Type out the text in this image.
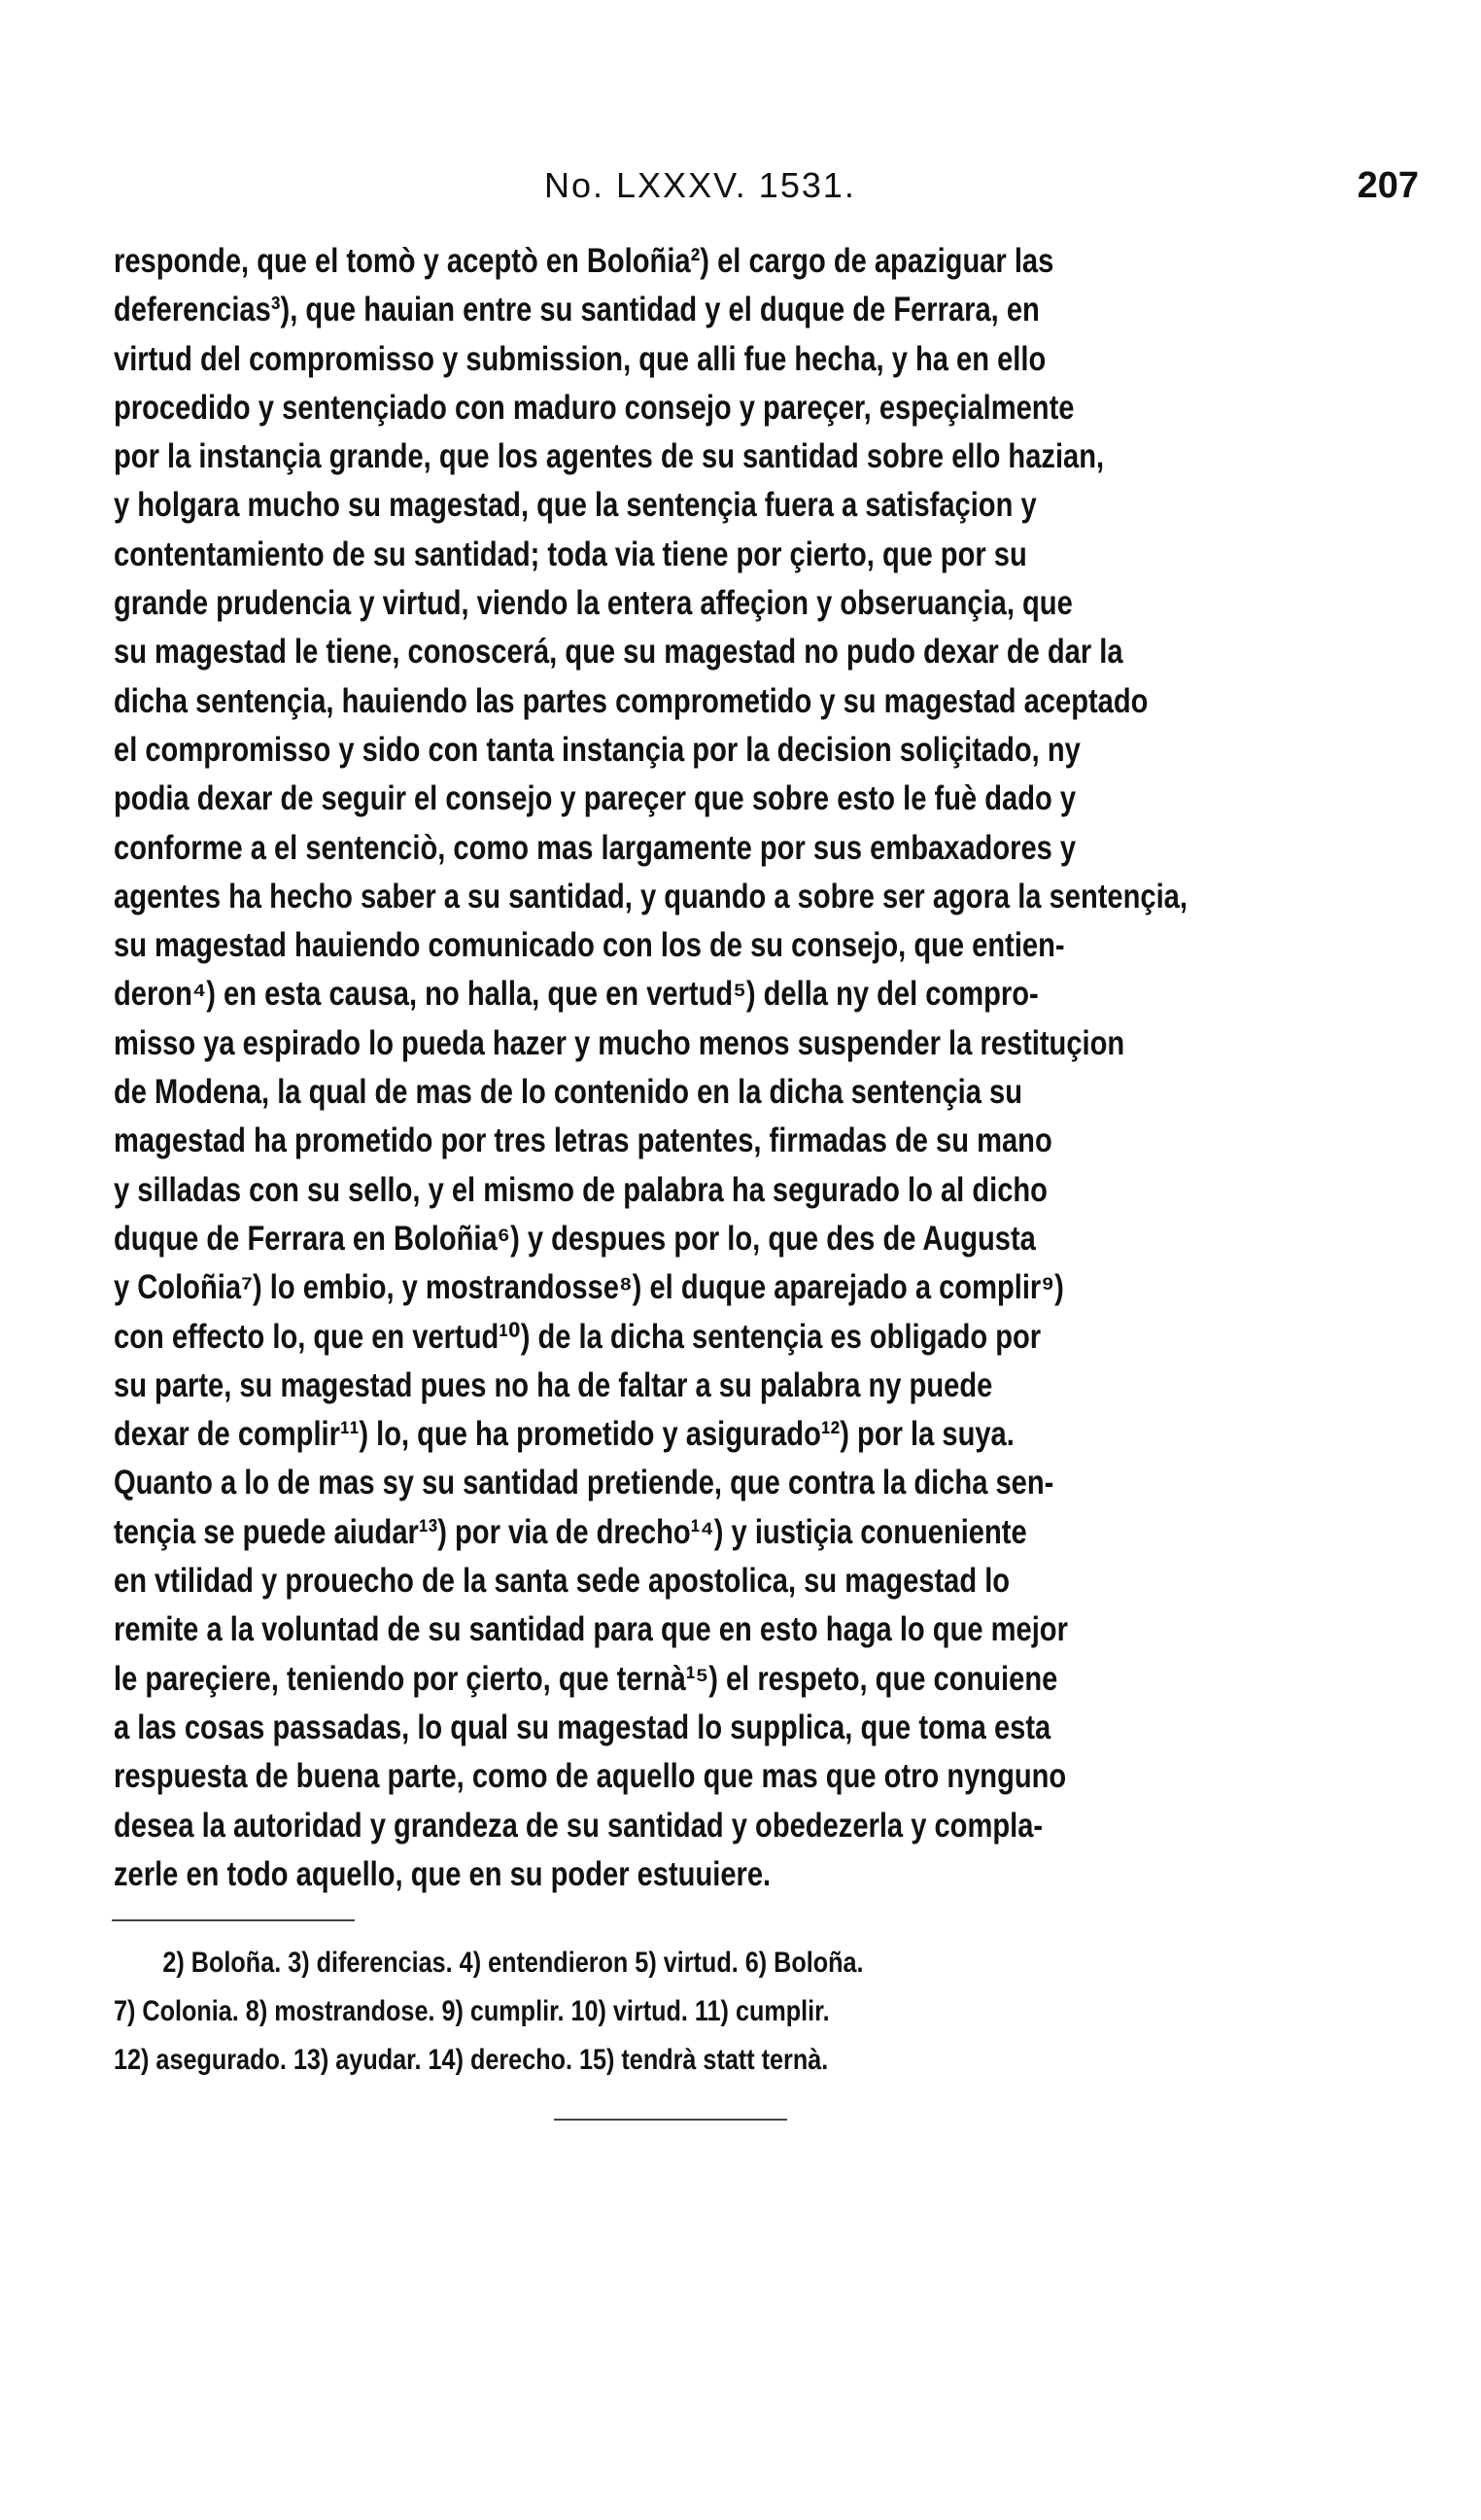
No. LXXXV. 1531.	207
responde, que el tomò y aceptò en Boloñia²) el cargo de apaziguar las
deferencias³), que hauian entre su santidad y el duque de Ferrara, en
virtud del compromisso y submission, que alli fue hecha, y ha en ello
procedido y sentençiado con maduro consejo y pareçer, espeçialmente
por la instançia grande, que los agentes de su santidad sobre ello hazian,
y holgara mucho su magestad, que la sentençia fuera a satisfaçion y
contentamiento de su santidad; toda via tiene por çierto, que por su
grande prudencia y virtud, viendo la entera affeçion y obseruançia, que
su magestad le tiene, conoscerá, que su magestad no pudo dexar de dar la
dicha sentençia, hauiendo las partes comprometido y su magestad aceptado
el compromisso y sido con tanta instançia por la decision soliçitado, ny
podia dexar de seguir el consejo y pareçer que sobre esto le fuè dado y
conforme a el sentenciò, como mas largamente por sus embaxadores y
agentes ha hecho saber a su santidad, y quando a sobre ser agora la sentençia,
su magestad hauiendo comunicado con los de su consejo, que entien-
deron⁴) en esta causa, no halla, que en vertud⁵) della ny del compro-
misso ya espirado lo pueda hazer y mucho menos suspender la restituçion
de Modena, la qual de mas de lo contenido en la dicha sentençia su
magestad ha prometido por tres letras patentes, firmadas de su mano
y silladas con su sello, y el mismo de palabra ha segurado lo al dicho
duque de Ferrara en Boloñia⁶) y despues por lo, que des de Augusta
y Coloñia⁷) lo embio, y mostrandosse⁸) el duque aparejado a complir⁹)
con effecto lo, que en vertud¹⁰) de la dicha sentençia es obligado por
su parte, su magestad pues no ha de faltar a su palabra ny puede
dexar de complir¹¹) lo, que ha prometido y asigurado¹²) por la suya.
Quanto a lo de mas sy su santidad pretiende, que contra la dicha sen-
tençia se puede aiudar¹³) por via de drecho¹⁴) y iustiçia conueniente
en vtilidad y prouecho de la santa sede apostolica, su magestad lo
remite a la voluntad de su santidad para que en esto haga lo que mejor
le pareçiere, teniendo por çierto, que ternà¹⁵) el respeto, que conuiene
a las cosas passadas, lo qual su magestad lo supplica, que toma esta
respuesta de buena parte, como de aquello que mas que otro nynguno
desea la autoridad y grandeza de su santidad y obedezerla y compla-
zerle en todo aquello, que en su poder estuuiere.
2) Boloña. 3) diferencias. 4) entendieron 5) virtud. 6) Boloña.
7) Colonia. 8) mostrandose. 9) cumplir. 10) virtud. 11) cumplir.
12) asegurado. 13) ayudar. 14) derecho. 15) tendrà statt ternà.
